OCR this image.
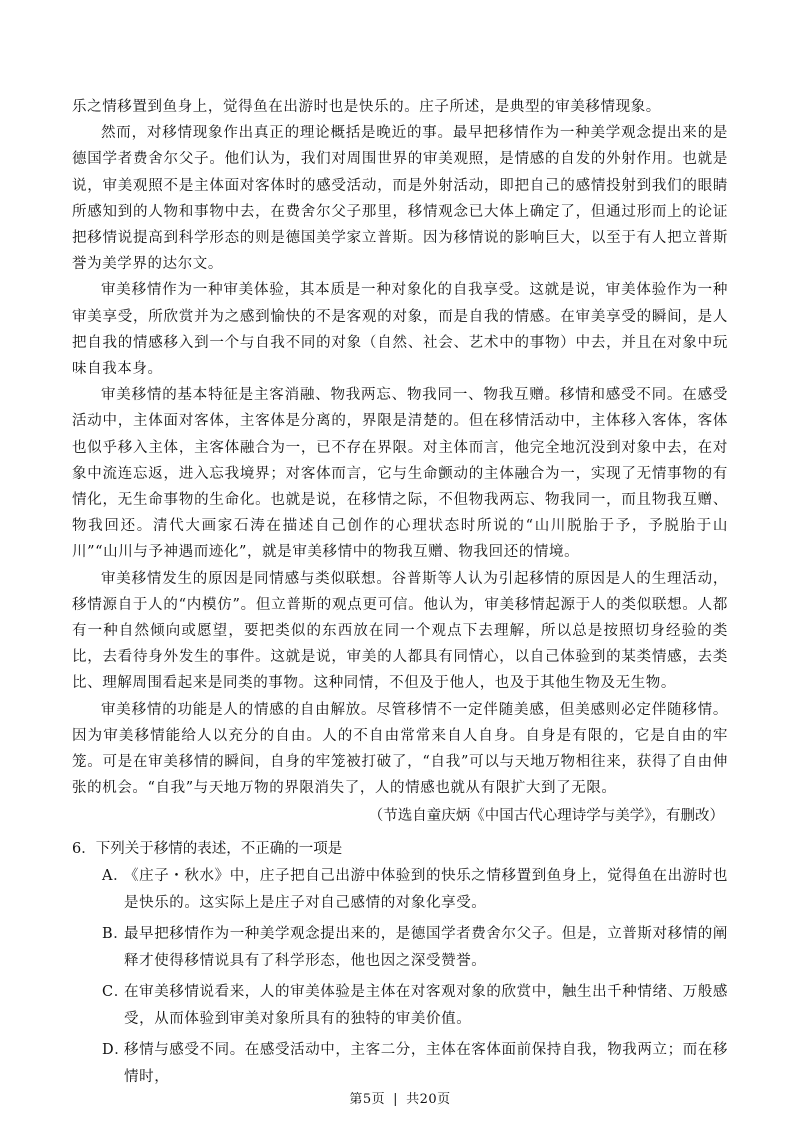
乐之情移置到鱼身上，觉得鱼在出游时也是快乐的。庄子所述，是典型的审美移情现象。

然而，对移情现象作出真正的理论概括是晚近的事。最早把移情作为一种美学观念提出来的是德国学者费舍尔父子。他们认为，我们对周围世界的审美观照，是情感的自发的外射作用。也就是说，审美观照不是主体面对客体时的感受活动，而是外射活动，即把自己的感情投射到我们的眼睛所感知到的人物和事物中去，在费舍尔父子那里，移情观念已大体上确定了，但通过形而上的论证把移情说提高到科学形态的则是德国美学家立普斯。因为移情说的影响巨大，以至于有人把立普斯誉为美学界的达尔文。

审美移情作为一种审美体验，其本质是一种对象化的自我享受。这就是说，审美体验作为一种审美享受，所欣赏并为之感到愉快的不是客观的对象，而是自我的情感。在审美享受的瞬间，是人把自我的情感移入到一个与自我不同的对象（自然、社会、艺术中的事物）中去，并且在对象中玩味自我本身。

审美移情的基本特征是主客消融、物我两忘、物我同一、物我互赠。移情和感受不同。在感受活动中，主体面对客体，主客体是分离的，界限是清楚的。但在移情活动中，主体移入客体，客体也似乎移入主体，主客体融合为一，已不存在界限。对主体而言，他完全地沉没到对象中去，在对象中流连忘返，进入忘我境界；对客体而言，它与生命颤动的主体融合为一，实现了无情事物的有情化，无生命事物的生命化。也就是说，在移情之际，不但物我两忘、物我同一，而且物我互赠、物我回还。清代大画家石涛在描述自己创作的心理状态时所说的“山川脱胎于予，予脱胎于山川”“山川与予神遇而迹化”，就是审美移情中的物我互赠、物我回还的情境。

审美移情发生的原因是同情感与类似联想。谷普斯等人认为引起移情的原因是人的生理活动，移情源自于人的“内模仿”。但立普斯的观点更可信。他认为，审美移情起源于人的类似联想。人都有一种自然倾向或愿望，要把类似的东西放在同一个观点下去理解，所以总是按照切身经验的类比，去看待身外发生的事件。这就是说，审美的人都具有同情心，以自己体验到的某类情感，去类比、理解周围看起来是同类的事物。这种同情，不但及于他人，也及于其他生物及无生物。

审美移情的功能是人的情感的自由解放。尽管移情不一定伴随美感，但美感则必定伴随移情。因为审美移情能给人以充分的自由。人的不自由常常来自人自身。自身是有限的，它是自由的牢笼。可是在审美移情的瞬间，自身的牢笼被打破了，“自我”可以与天地万物相往来，获得了自由伸张的机会。“自我”与天地万物的界限消失了，人的情感也就从有限扩大到了无限。

（节选自童庆炳《中国古代心理诗学与美学》，有删改）

6．下列关于移情的表述，不正确的一项是

A．
《庄子・秋水》中，庄子把自己出游中体验到的快乐之情移置到鱼身上，觉得鱼在出游时也是快乐的。这实际上是庄子对自己感情的对象化享受。
B．
最早把移情作为一种美学观念提出来的，是德国学者费舍尔父子。但是，立普斯对移情的阐释才使得移情说具有了科学形态，他也因之深受赞誉。
C．
在审美移情说看来，人的审美体验是主体在对客观对象的欣赏中，触生出千种情绪、万般感受，从而体验到审美对象所具有的独特的审美价值。
D．
移情与感受不同。在感受活动中，主客二分，主体在客体面前保持自我，物我两立；而在移情时，
第5页 | 共20页
